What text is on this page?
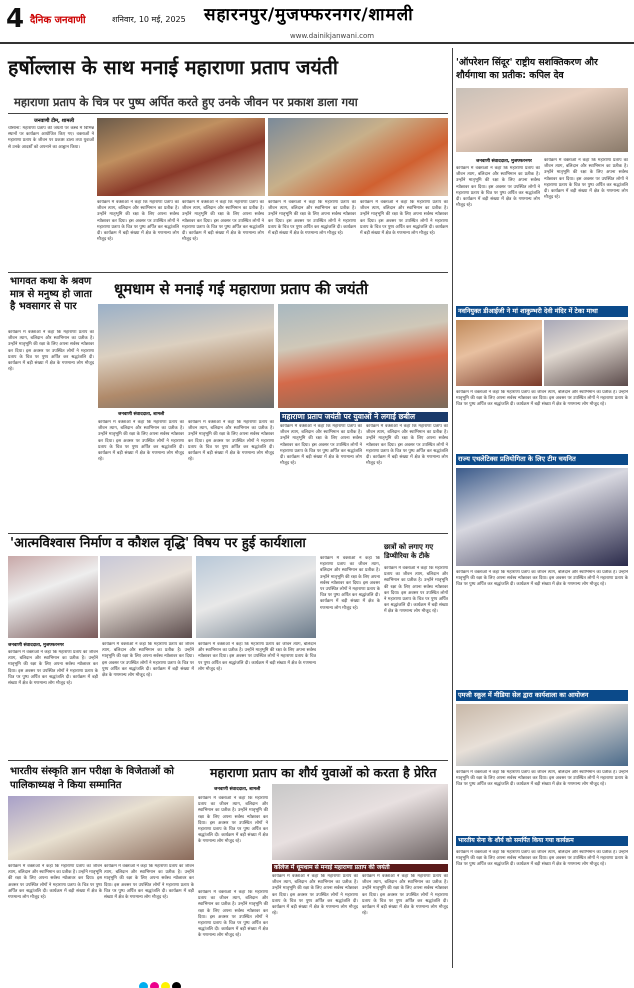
4 दैनिक जनवाणी	शनिवार, 10 मई, 2025 सहारनपुर/मुजफ्फरनगर/शामली
www.dainikjanwani.com
हर्षोल्लास के साथ मनाई महाराणा प्रताप जयंती
महाराणा प्रताप के चित्र पर पुष्प अर्पित करते हुए उनके जीवन पर प्रकाश डाला गया
जनवाणी टीम, शामली
चौसाना: महाराणा प्रताप की जयंती पर कस्बे में विभिन्न स्थानों पर कार्यक्रम आयोजित किए गए। वक्ताओं ने महाराणा प्रताप के जीवन पर प्रकाश डाला तथा युवाओं से उनके आदर्शों को अपनाने का आह्वान किया।
कार्यक्रम में वक्ताओं ने कहा कि महाराणा प्रताप का जीवन त्याग, बलिदान और स्वाभिमान का प्रतीक है। उन्होंने मातृभूमि की रक्षा के लिए अपना सर्वस्व न्योछावर कर दिया। इस अवसर पर उपस्थित लोगों ने महाराणा प्रताप के चित्र पर पुष्प अर्पित कर श्रद्धांजलि दी। कार्यक्रम में बड़ी संख्या में क्षेत्र के गणमान्य लोग मौजूद रहे।
कार्यक्रम में वक्ताओं ने कहा कि महाराणा प्रताप का जीवन त्याग, बलिदान और स्वाभिमान का प्रतीक है। उन्होंने मातृभूमि की रक्षा के लिए अपना सर्वस्व न्योछावर कर दिया। इस अवसर पर उपस्थित लोगों ने महाराणा प्रताप के चित्र पर पुष्प अर्पित कर श्रद्धांजलि दी। कार्यक्रम में बड़ी संख्या में क्षेत्र के गणमान्य लोग मौजूद रहे।
कार्यक्रम में वक्ताओं ने कहा कि महाराणा प्रताप का जीवन त्याग, बलिदान और स्वाभिमान का प्रतीक है। उन्होंने मातृभूमि की रक्षा के लिए अपना सर्वस्व न्योछावर कर दिया। इस अवसर पर उपस्थित लोगों ने महाराणा प्रताप के चित्र पर पुष्प अर्पित कर श्रद्धांजलि दी। कार्यक्रम में बड़ी संख्या में क्षेत्र के गणमान्य लोग मौजूद रहे।
कार्यक्रम में वक्ताओं ने कहा कि महाराणा प्रताप का जीवन त्याग, बलिदान और स्वाभिमान का प्रतीक है। उन्होंने मातृभूमि की रक्षा के लिए अपना सर्वस्व न्योछावर कर दिया। इस अवसर पर उपस्थित लोगों ने महाराणा प्रताप के चित्र पर पुष्प अर्पित कर श्रद्धांजलि दी। कार्यक्रम में बड़ी संख्या में क्षेत्र के गणमान्य लोग मौजूद रहे।
भागवत कथा के श्रवण मात्र से मनुष्य हो जाता है भवसागर से पार
कार्यक्रम में वक्ताओं ने कहा कि महाराणा प्रताप का जीवन त्याग, बलिदान और स्वाभिमान का प्रतीक है। उन्होंने मातृभूमि की रक्षा के लिए अपना सर्वस्व न्योछावर कर दिया। इस अवसर पर उपस्थित लोगों ने महाराणा प्रताप के चित्र पर पुष्प अर्पित कर श्रद्धांजलि दी। कार्यक्रम में बड़ी संख्या में क्षेत्र के गणमान्य लोग मौजूद रहे।
धूमधाम से मनाई गई महाराणा प्रताप की जयंती
जनवाणी संवाददाता, शामली	महाराणा प्रताप जयंती पर युवाओं ने लगाई छबील
कार्यक्रम में वक्ताओं ने कहा कि महाराणा प्रताप का जीवन त्याग, बलिदान और स्वाभिमान का प्रतीक है। उन्होंने मातृभूमि की रक्षा के लिए अपना सर्वस्व न्योछावर कर दिया। इस अवसर पर उपस्थित लोगों ने महाराणा प्रताप के चित्र पर पुष्प अर्पित कर श्रद्धांजलि दी। कार्यक्रम में बड़ी संख्या में क्षेत्र के गणमान्य लोग मौजूद रहे।
कार्यक्रम में वक्ताओं ने कहा कि महाराणा प्रताप का जीवन त्याग, बलिदान और स्वाभिमान का प्रतीक है। उन्होंने मातृभूमि की रक्षा के लिए अपना सर्वस्व न्योछावर कर दिया। इस अवसर पर उपस्थित लोगों ने महाराणा प्रताप के चित्र पर पुष्प अर्पित कर श्रद्धांजलि दी। कार्यक्रम में बड़ी संख्या में क्षेत्र के गणमान्य लोग मौजूद रहे।
कार्यक्रम में वक्ताओं ने कहा कि महाराणा प्रताप का जीवन त्याग, बलिदान और स्वाभिमान का प्रतीक है। उन्होंने मातृभूमि की रक्षा के लिए अपना सर्वस्व न्योछावर कर दिया। इस अवसर पर उपस्थित लोगों ने महाराणा प्रताप के चित्र पर पुष्प अर्पित कर श्रद्धांजलि दी। कार्यक्रम में बड़ी संख्या में क्षेत्र के गणमान्य लोग मौजूद रहे।
कार्यक्रम में वक्ताओं ने कहा कि महाराणा प्रताप का जीवन त्याग, बलिदान और स्वाभिमान का प्रतीक है। उन्होंने मातृभूमि की रक्षा के लिए अपना सर्वस्व न्योछावर कर दिया। इस अवसर पर उपस्थित लोगों ने महाराणा प्रताप के चित्र पर पुष्प अर्पित कर श्रद्धांजलि दी। कार्यक्रम में बड़ी संख्या में क्षेत्र के गणमान्य लोग मौजूद रहे।
'आत्मविश्वास निर्माण व कौशल वृद्धि' विषय पर हुई कार्यशाला
जनवाणी संवाददाता, मुजफ्फरनगर
कार्यक्रम में वक्ताओं ने कहा कि महाराणा प्रताप का जीवन त्याग, बलिदान और स्वाभिमान का प्रतीक है। उन्होंने मातृभूमि की रक्षा के लिए अपना सर्वस्व न्योछावर कर दिया। इस अवसर पर उपस्थित लोगों ने महाराणा प्रताप के चित्र पर पुष्प अर्पित कर श्रद्धांजलि दी। कार्यक्रम में बड़ी संख्या में क्षेत्र के गणमान्य लोग मौजूद रहे।
कार्यक्रम में वक्ताओं ने कहा कि महाराणा प्रताप का जीवन त्याग, बलिदान और स्वाभिमान का प्रतीक है। उन्होंने मातृभूमि की रक्षा के लिए अपना सर्वस्व न्योछावर कर दिया। इस अवसर पर उपस्थित लोगों ने महाराणा प्रताप के चित्र पर पुष्प अर्पित कर श्रद्धांजलि दी। कार्यक्रम में बड़ी संख्या में क्षेत्र के गणमान्य लोग मौजूद रहे।
कार्यक्रम में वक्ताओं ने कहा कि महाराणा प्रताप का जीवन त्याग, बलिदान और स्वाभिमान का प्रतीक है। उन्होंने मातृभूमि की रक्षा के लिए अपना सर्वस्व न्योछावर कर दिया। इस अवसर पर उपस्थित लोगों ने महाराणा प्रताप के चित्र पर पुष्प अर्पित कर श्रद्धांजलि दी। कार्यक्रम में बड़ी संख्या में क्षेत्र के गणमान्य लोग मौजूद रहे।
कार्यक्रम में वक्ताओं ने कहा कि महाराणा प्रताप का जीवन त्याग, बलिदान और स्वाभिमान का प्रतीक है। उन्होंने मातृभूमि की रक्षा के लिए अपना सर्वस्व न्योछावर कर दिया। इस अवसर पर उपस्थित लोगों ने महाराणा प्रताप के चित्र पर पुष्प अर्पित कर श्रद्धांजलि दी। कार्यक्रम में बड़ी संख्या में क्षेत्र के गणमान्य लोग मौजूद रहे।
छात्रों को लगाए गए डिप्थीरिया के टीके
कार्यक्रम में वक्ताओं ने कहा कि महाराणा प्रताप का जीवन त्याग, बलिदान और स्वाभिमान का प्रतीक है। उन्होंने मातृभूमि की रक्षा के लिए अपना सर्वस्व न्योछावर कर दिया। इस अवसर पर उपस्थित लोगों ने महाराणा प्रताप के चित्र पर पुष्प अर्पित कर श्रद्धांजलि दी। कार्यक्रम में बड़ी संख्या में क्षेत्र के गणमान्य लोग मौजूद रहे।
भारतीय संस्कृति ज्ञान परीक्षा के विजेताओं को पालिकाध्यक्ष ने किया सम्मानित
कार्यक्रम में वक्ताओं ने कहा कि महाराणा प्रताप का जीवन त्याग, बलिदान और स्वाभिमान का प्रतीक है। उन्होंने मातृभूमि की रक्षा के लिए अपना सर्वस्व न्योछावर कर दिया। इस अवसर पर उपस्थित लोगों ने महाराणा प्रताप के चित्र पर पुष्प अर्पित कर श्रद्धांजलि दी। कार्यक्रम में बड़ी संख्या में क्षेत्र के गणमान्य लोग मौजूद रहे।
कार्यक्रम में वक्ताओं ने कहा कि महाराणा प्रताप का जीवन त्याग, बलिदान और स्वाभिमान का प्रतीक है। उन्होंने मातृभूमि की रक्षा के लिए अपना सर्वस्व न्योछावर कर दिया। इस अवसर पर उपस्थित लोगों ने महाराणा प्रताप के चित्र पर पुष्प अर्पित कर श्रद्धांजलि दी। कार्यक्रम में बड़ी संख्या में क्षेत्र के गणमान्य लोग मौजूद रहे।
महाराणा प्रताप का शौर्य युवाओं को करता है प्रेरित
जनवाणी संवाददाता, शामली
कार्यक्रम में वक्ताओं ने कहा कि महाराणा प्रताप का जीवन त्याग, बलिदान और स्वाभिमान का प्रतीक है। उन्होंने मातृभूमि की रक्षा के लिए अपना सर्वस्व न्योछावर कर दिया। इस अवसर पर उपस्थित लोगों ने महाराणा प्रताप के चित्र पर पुष्प अर्पित कर श्रद्धांजलि दी। कार्यक्रम में बड़ी संख्या में क्षेत्र के गणमान्य लोग मौजूद रहे।
कॉलेज में धूमधाम से मनाई महाराणा प्रताप की जयंती
कार्यक्रम में वक्ताओं ने कहा कि महाराणा प्रताप का जीवन त्याग, बलिदान और स्वाभिमान का प्रतीक है। उन्होंने मातृभूमि की रक्षा के लिए अपना सर्वस्व न्योछावर कर दिया। इस अवसर पर उपस्थित लोगों ने महाराणा प्रताप के चित्र पर पुष्प अर्पित कर श्रद्धांजलि दी। कार्यक्रम में बड़ी संख्या में क्षेत्र के गणमान्य लोग मौजूद रहे।
कार्यक्रम में वक्ताओं ने कहा कि महाराणा प्रताप का जीवन त्याग, बलिदान और स्वाभिमान का प्रतीक है। उन्होंने मातृभूमि की रक्षा के लिए अपना सर्वस्व न्योछावर कर दिया। इस अवसर पर उपस्थित लोगों ने महाराणा प्रताप के चित्र पर पुष्प अर्पित कर श्रद्धांजलि दी। कार्यक्रम में बड़ी संख्या में क्षेत्र के गणमान्य लोग मौजूद रहे।
कार्यक्रम में वक्ताओं ने कहा कि महाराणा प्रताप का जीवन त्याग, बलिदान और स्वाभिमान का प्रतीक है। उन्होंने मातृभूमि की रक्षा के लिए अपना सर्वस्व न्योछावर कर दिया। इस अवसर पर उपस्थित लोगों ने महाराणा प्रताप के चित्र पर पुष्प अर्पित कर श्रद्धांजलि दी। कार्यक्रम में बड़ी संख्या में क्षेत्र के गणमान्य लोग मौजूद रहे।
'ऑपरेशन सिंदूर' राष्ट्रीय सशक्तिकरण और शौर्यगाथा का प्रतीक: कपिल देव
जनवाणी संवाददाता, मुजफ्फरनगर
कार्यक्रम में वक्ताओं ने कहा कि महाराणा प्रताप का जीवन त्याग, बलिदान और स्वाभिमान का प्रतीक है। उन्होंने मातृभूमि की रक्षा के लिए अपना सर्वस्व न्योछावर कर दिया। इस अवसर पर उपस्थित लोगों ने महाराणा प्रताप के चित्र पर पुष्प अर्पित कर श्रद्धांजलि दी। कार्यक्रम में बड़ी संख्या में क्षेत्र के गणमान्य लोग मौजूद रहे।
कार्यक्रम में वक्ताओं ने कहा कि महाराणा प्रताप का जीवन त्याग, बलिदान और स्वाभिमान का प्रतीक है। उन्होंने मातृभूमि की रक्षा के लिए अपना सर्वस्व न्योछावर कर दिया। इस अवसर पर उपस्थित लोगों ने महाराणा प्रताप के चित्र पर पुष्प अर्पित कर श्रद्धांजलि दी। कार्यक्रम में बड़ी संख्या में क्षेत्र के गणमान्य लोग मौजूद रहे।
नवनियुक्त डीआईजी ने मां शाकुम्भरी देवी मंदिर में टेका माथा
कार्यक्रम में वक्ताओं ने कहा कि महाराणा प्रताप का जीवन त्याग, बलिदान और स्वाभिमान का प्रतीक है। उन्होंने मातृभूमि की रक्षा के लिए अपना सर्वस्व न्योछावर कर दिया। इस अवसर पर उपस्थित लोगों ने महाराणा प्रताप के चित्र पर पुष्प अर्पित कर श्रद्धांजलि दी। कार्यक्रम में बड़ी संख्या में क्षेत्र के गणमान्य लोग मौजूद रहे।
राज्य एथलेटिक्स प्रतियोगिता के लिए टीम चयनित
कार्यक्रम में वक्ताओं ने कहा कि महाराणा प्रताप का जीवन त्याग, बलिदान और स्वाभिमान का प्रतीक है। उन्होंने मातृभूमि की रक्षा के लिए अपना सर्वस्व न्योछावर कर दिया। इस अवसर पर उपस्थित लोगों ने महाराणा प्रताप के चित्र पर पुष्प अर्पित कर श्रद्धांजलि दी। कार्यक्रम में बड़ी संख्या में क्षेत्र के गणमान्य लोग मौजूद रहे।
एमजी स्कूल में मीडिया सेल द्वारा कार्यशाला का आयोजन
कार्यक्रम में वक्ताओं ने कहा कि महाराणा प्रताप का जीवन त्याग, बलिदान और स्वाभिमान का प्रतीक है। उन्होंने मातृभूमि की रक्षा के लिए अपना सर्वस्व न्योछावर कर दिया। इस अवसर पर उपस्थित लोगों ने महाराणा प्रताप के चित्र पर पुष्प अर्पित कर श्रद्धांजलि दी। कार्यक्रम में बड़ी संख्या में क्षेत्र के गणमान्य लोग मौजूद रहे।
भारतीय सेना के शौर्य को समर्पित किया गया कार्यक्रम
कार्यक्रम में वक्ताओं ने कहा कि महाराणा प्रताप का जीवन त्याग, बलिदान और स्वाभिमान का प्रतीक है। उन्होंने मातृभूमि की रक्षा के लिए अपना सर्वस्व न्योछावर कर दिया। इस अवसर पर उपस्थित लोगों ने महाराणा प्रताप के चित्र पर पुष्प अर्पित कर श्रद्धांजलि दी। कार्यक्रम में बड़ी संख्या में क्षेत्र के गणमान्य लोग मौजूद रहे।
